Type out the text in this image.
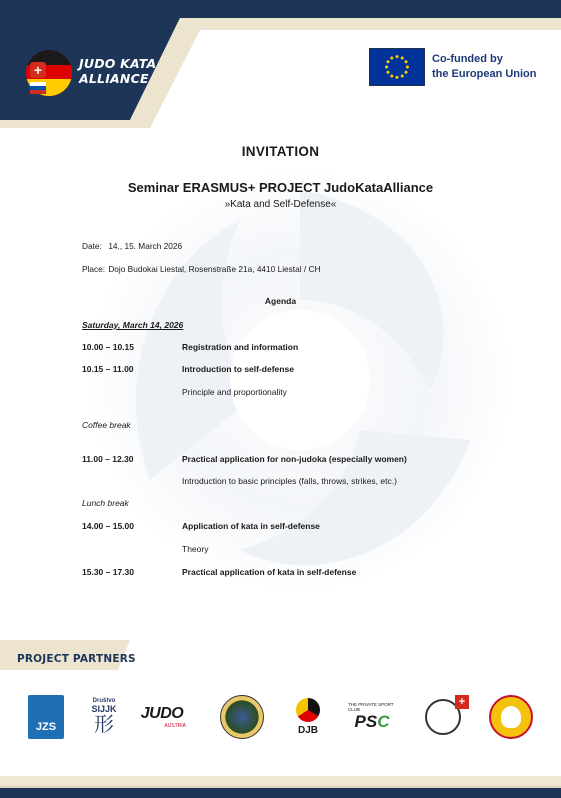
+	JUDO KATA
ALLIANCE
Co-funded by
the European Union
INVITATION
Seminar ERASMUS+ PROJECT JudoKataAlliance
»Kata and Self-Defense«
Date: 14., 15. March 2026
Place: Dojo Budokai Liestal, Rosenstraße 21a, 4410 Liestal / CH
Agenda
Saturday, March 14, 2026
10.00 – 10.15	Registration and information
10.15 – 11.00	Introduction to self-defense
Principle and proportionality
Coffee break
11.00 – 12.30	Practical application for non-judoka (especially women)
Introduction to basic principles (falls, throws, strikes, etc.)
Lunch break
14.00 – 15.00	Application of kata in self-defense
Theory
15.30 – 17.30	Practical application of kata in self-defense
PROJECT PARTNERS
JZS
Društvo
SIJJK
形
JUDO
AUSTRIA	DJB
THE PRIVATE SPORT CLUB
PSC
+
